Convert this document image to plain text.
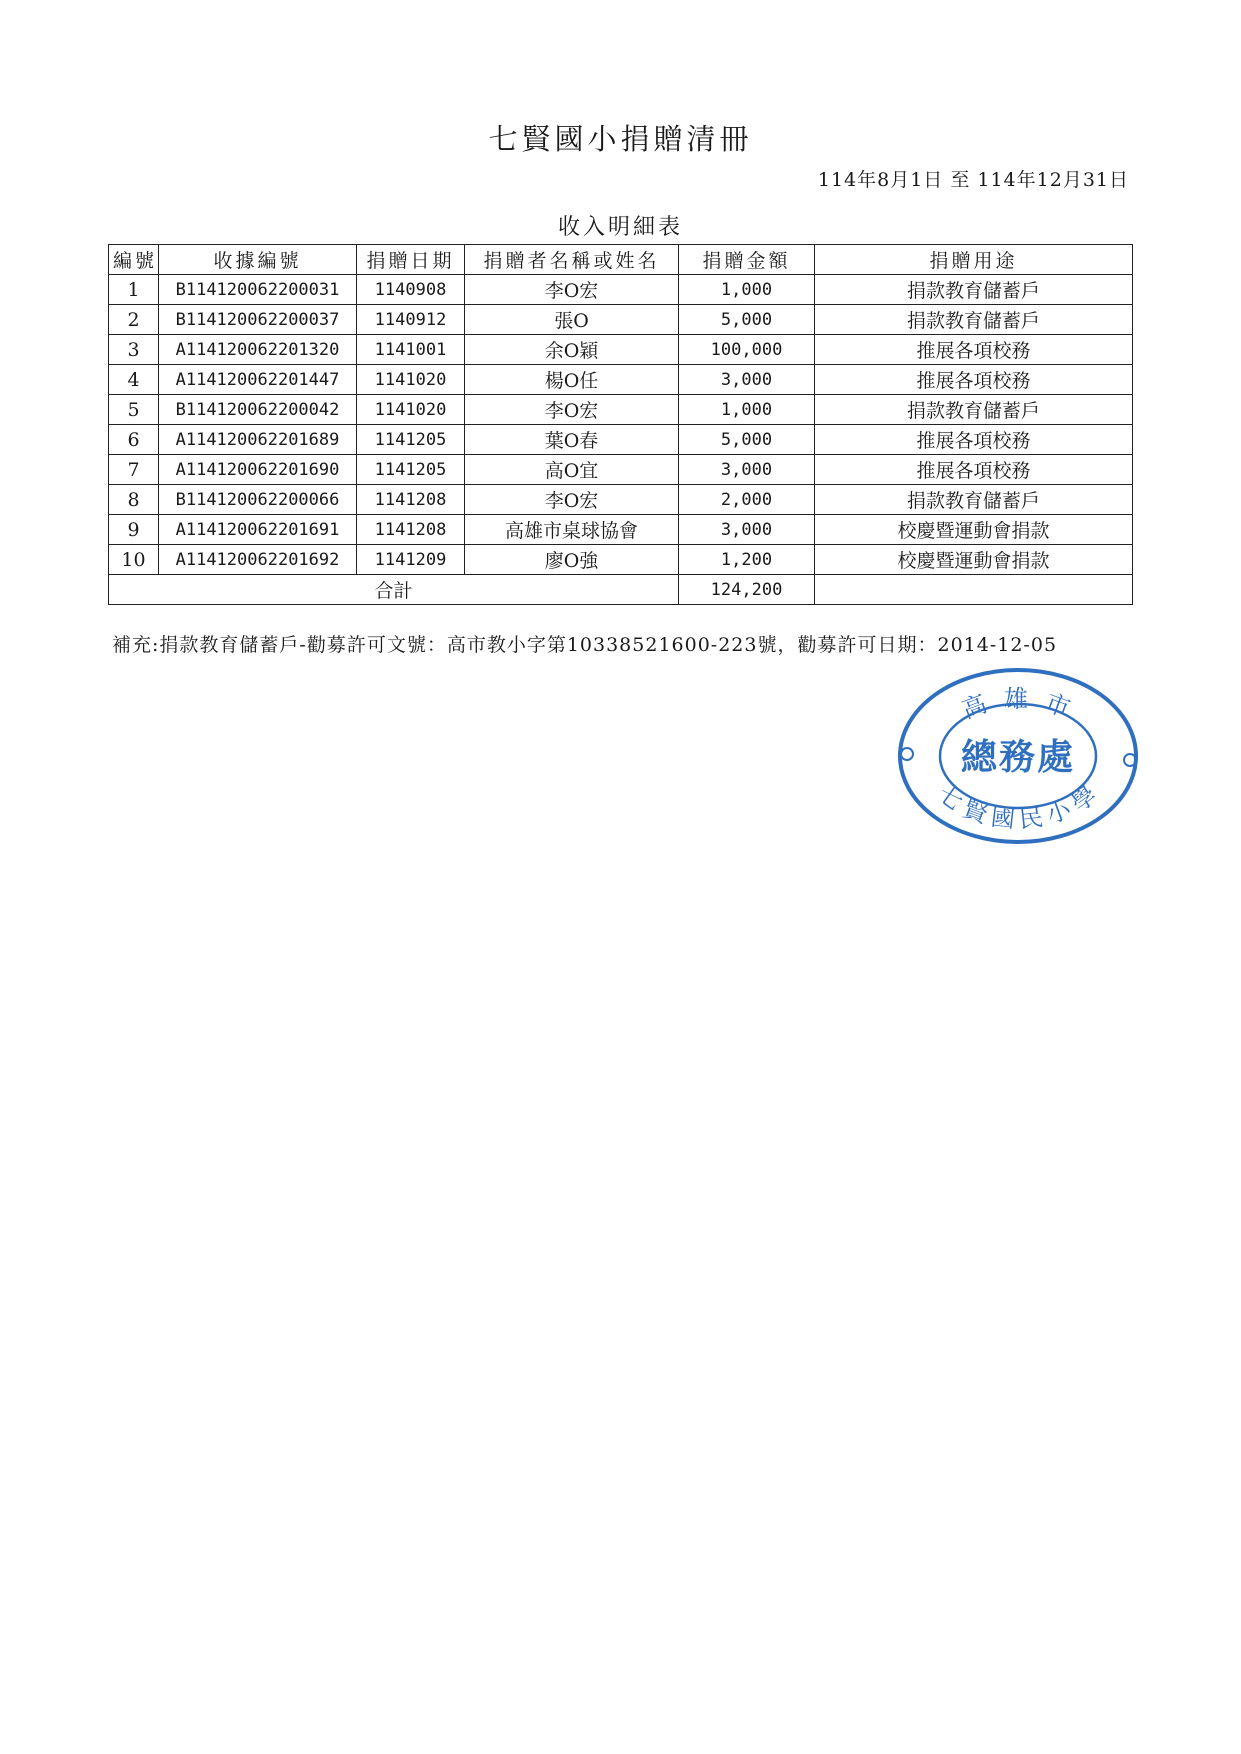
七賢國小捐贈清冊
114年8月1日 至 114年12月31日
收入明細表
編號	收據編號	捐贈日期	捐贈者名稱或姓名	捐贈金額	捐贈用途
1	B114120062200031	1140908	李O宏	1,000	捐款教育儲蓄戶
2	B114120062200037	1140912	張O	5,000	捐款教育儲蓄戶
3	A114120062201320	1141001	余O穎	100,000	推展各項校務
4	A114120062201447	1141020	楊O任	3,000	推展各項校務
5	B114120062200042	1141020	李O宏	1,000	捐款教育儲蓄戶
6	A114120062201689	1141205	葉O春	5,000	推展各項校務
7	A114120062201690	1141205	高O宜	3,000	推展各項校務
8	B114120062200066	1141208	李O宏	2,000	捐款教育儲蓄戶
9	A114120062201691	1141208	高雄市桌球協會	3,000	校慶暨運動會捐款
10	A114120062201692	1141209	廖O強	1,200	校慶暨運動會捐款
合計				124,200	
補充:捐款教育儲蓄戶-勸募許可文號：高市教小字第10338521600-223號，勸募許可日期：2014-12-05
高 雄 市
總務處
七賢國民小學
